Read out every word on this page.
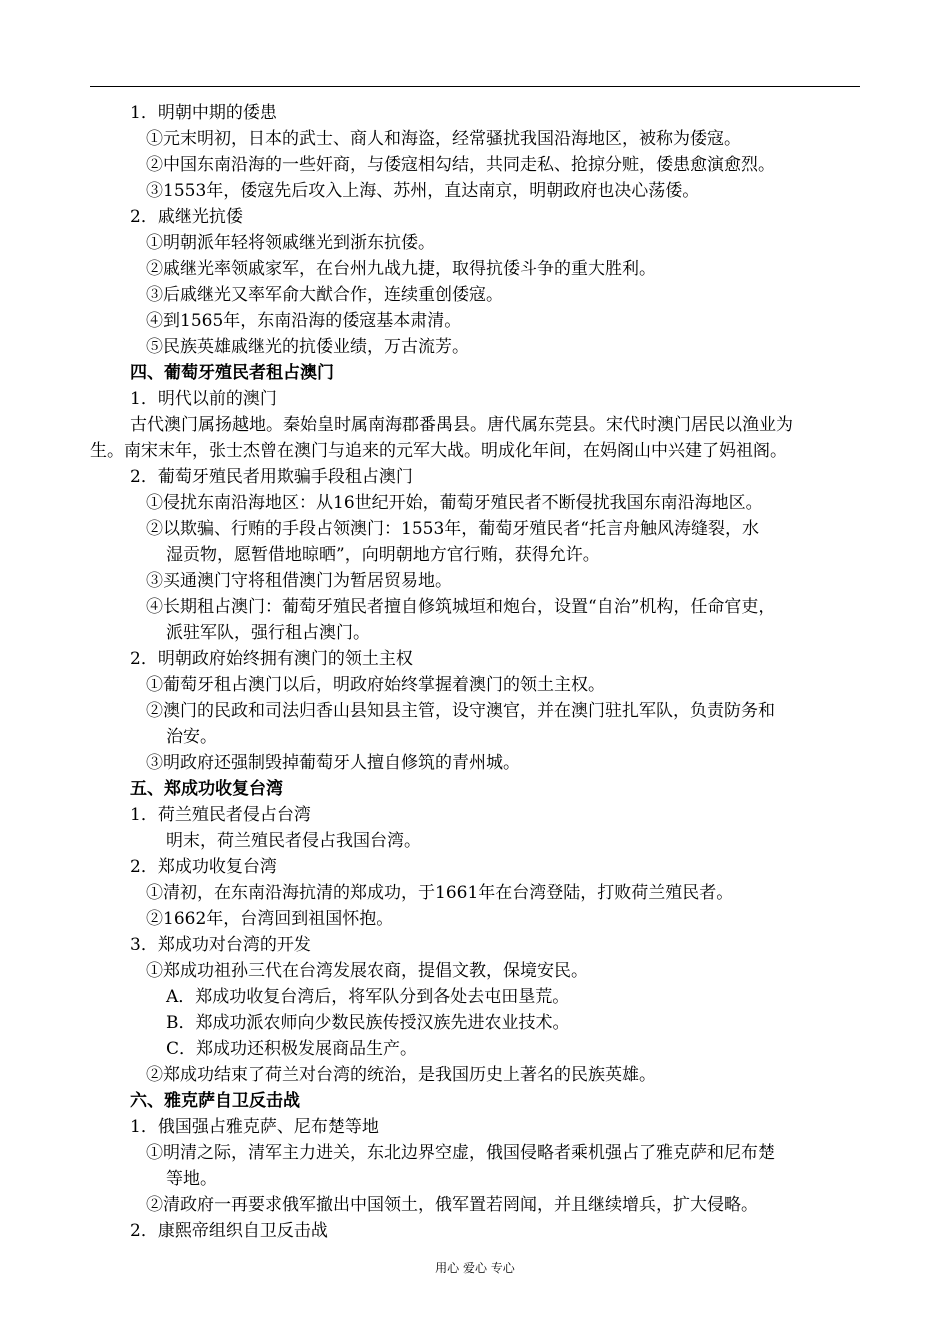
1．明朝中期的倭患
①元末明初，日本的武士、商人和海盗，经常骚扰我国沿海地区，被称为倭寇。
②中国东南沿海的一些奸商，与倭寇相勾结，共同走私、抢掠分赃，倭患愈演愈烈。
③1553年，倭寇先后攻入上海、苏州，直达南京，明朝政府也决心荡倭。
2．戚继光抗倭
①明朝派年轻将领戚继光到浙东抗倭。
②戚继光率领戚家军，在台州九战九捷，取得抗倭斗争的重大胜利。
③后戚继光又率军俞大猷合作，连续重创倭寇。
④到1565年，东南沿海的倭寇基本肃清。
⑤民族英雄戚继光的抗倭业绩，万古流芳。
四、葡萄牙殖民者租占澳门
1．明代以前的澳门
古代澳门属扬越地。秦始皇时属南海郡番禺县。唐代属东莞县。宋代时澳门居民以渔业为
生。南宋末年，张士杰曾在澳门与追来的元军大战。明成化年间，在妈阁山中兴建了妈祖阁。
2．葡萄牙殖民者用欺骗手段租占澳门
①侵扰东南沿海地区：从16世纪开始，葡萄牙殖民者不断侵扰我国东南沿海地区。
②以欺骗、行贿的手段占领澳门：1553年，葡萄牙殖民者“托言舟触风涛缝裂，水
湿贡物，愿暂借地晾晒”，向明朝地方官行贿，获得允许。
③买通澳门守将租借澳门为暂居贸易地。
④长期租占澳门：葡萄牙殖民者擅自修筑城垣和炮台，设置“自治”机构，任命官吏，
派驻军队，强行租占澳门。
2．明朝政府始终拥有澳门的领土主权
①葡萄牙租占澳门以后，明政府始终掌握着澳门的领土主权。
②澳门的民政和司法归香山县知县主管，设守澳官，并在澳门驻扎军队，负责防务和
治安。
③明政府还强制毁掉葡萄牙人擅自修筑的青州城。
五、郑成功收复台湾
1．荷兰殖民者侵占台湾
明末，荷兰殖民者侵占我国台湾。
2．郑成功收复台湾
①清初，在东南沿海抗清的郑成功，于1661年在台湾登陆，打败荷兰殖民者。
②1662年，台湾回到祖国怀抱。
3．郑成功对台湾的开发
①郑成功祖孙三代在台湾发展农商，提倡文教，保境安民。
A．郑成功收复台湾后，将军队分到各处去屯田垦荒。
B．郑成功派农师向少数民族传授汉族先进农业技术。
C．郑成功还积极发展商品生产。
②郑成功结束了荷兰对台湾的统治，是我国历史上著名的民族英雄。
六、雅克萨自卫反击战
1．俄国强占雅克萨、尼布楚等地
①明清之际，清军主力进关，东北边界空虚，俄国侵略者乘机强占了雅克萨和尼布楚
等地。
②清政府一再要求俄军撤出中国领土，俄军置若罔闻，并且继续增兵，扩大侵略。
2．康熙帝组织自卫反击战
用心 爱心 专心
